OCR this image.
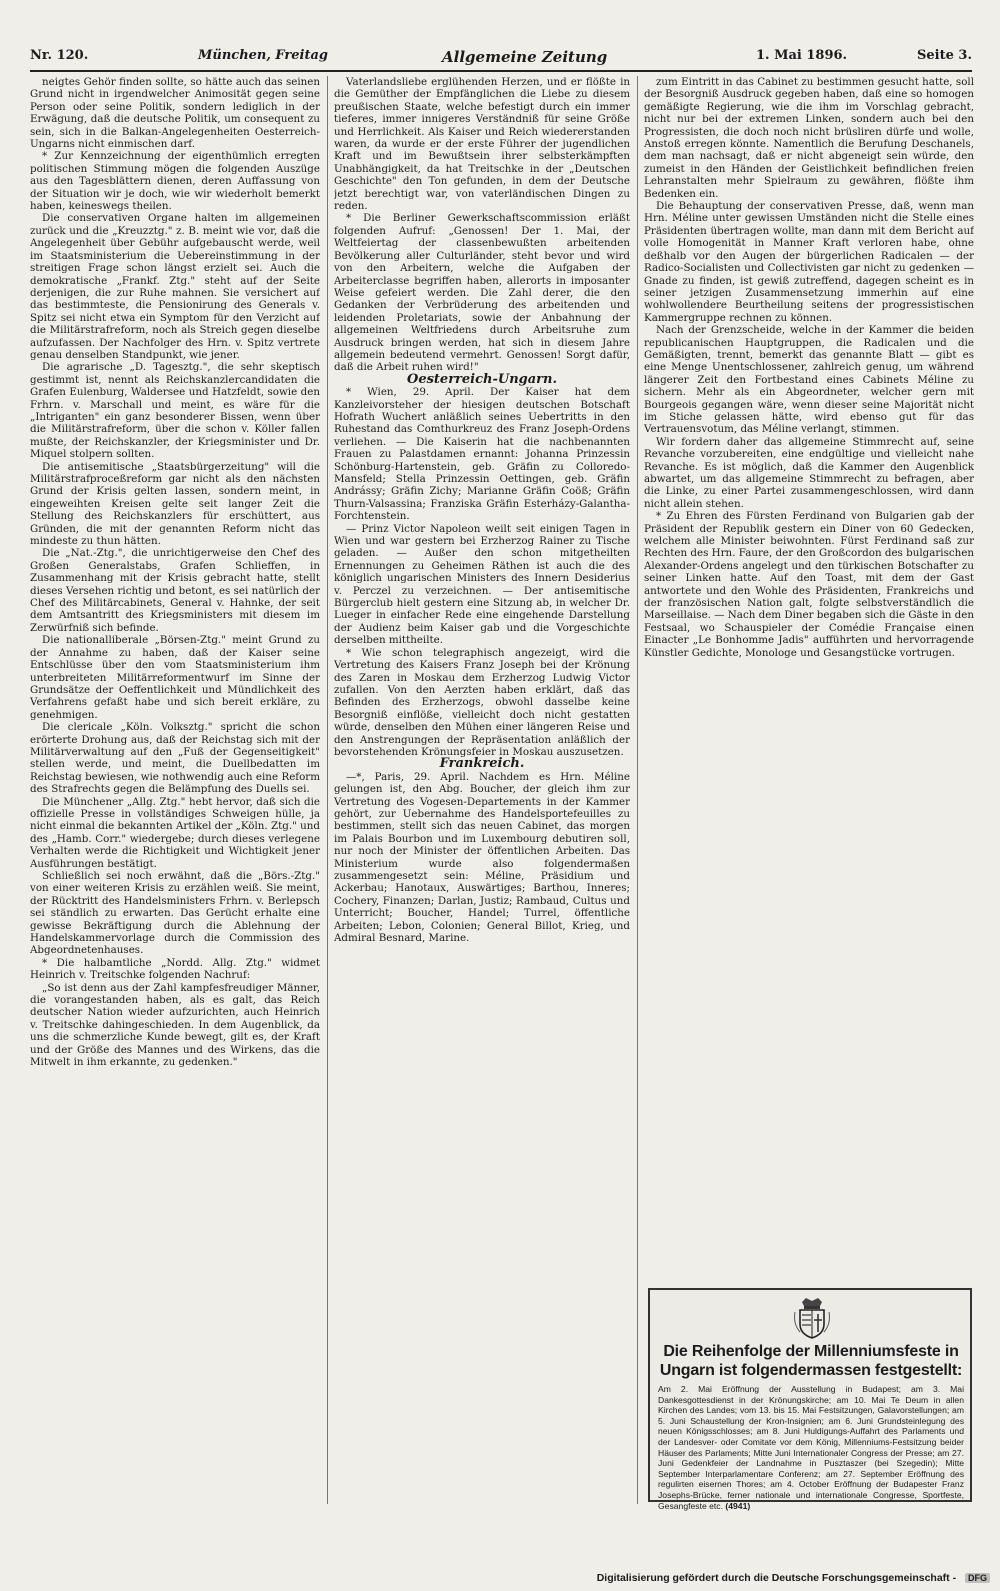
Nr. 120.	München, Freitag	Allgemeine Zeitung	1. Mai 1896.	Seite 3.

neigtes Gehör finden sollte, so hätte auch das seinen Grund nicht in irgendwelcher Animosität gegen seine Person oder seine Politik, sondern lediglich in der Erwägung, daß die deutsche Politik, um consequent zu sein, sich in die Balkan-Angelegenheiten Oesterreich-Ungarns nicht einmischen darf.

* Zur Kennzeichnung der eigenthümlich erregten politischen Stimmung mögen die folgenden Auszüge aus den Tagesblättern dienen, deren Auffassung von der Situation wir je doch, wie wir wiederholt bemerkt haben, keineswegs theilen.

Die conservativen Organe halten im allgemeinen zurück und die „Kreuzztg." z. B. meint wie vor, daß die Angelegenheit über Gebühr aufgebauscht werde, weil im Staatsministerium die Uebereinstimmung in der streitigen Frage schon längst erzielt sei. Auch die demokratische „Frankf. Ztg." steht auf der Seite derjenigen, die zur Ruhe mahnen. Sie versichert auf das bestimmteste, die Pensionirung des Generals v. Spitz sei nicht etwa ein Symptom für den Verzicht auf die Militärstrafreform, noch als Streich gegen dieselbe aufzufassen. Der Nachfolger des Hrn. v. Spitz vertrete genau denselben Standpunkt, wie jener.

Die agrarische „D. Tagesztg.", die sehr skeptisch gestimmt ist, nennt als Reichskanzlercandidaten die Grafen Eulenburg, Waldersee und Hatzfeldt, sowie den Frhrn. v. Marschall und meint, es wäre für die „Intriganten" ein ganz besonderer Bissen, wenn über die Militärstrafreform, über die schon v. Köller fallen mußte, der Reichskanzler, der Kriegsminister und Dr. Miquel stolpern sollten.

Die antisemitische „Staatsbürgerzeitung" will die Militärstrafproceßreform gar nicht als den nächsten Grund der Krisis gelten lassen, sondern meint, in eingeweihten Kreisen gelte seit langer Zeit die Stellung des Reichskanzlers für erschüttert, aus Gründen, die mit der genannten Reform nicht das mindeste zu thun hätten.

Die „Nat.-Ztg.", die unrichtigerweise den Chef des Großen Generalstabs, Grafen Schlieffen, in Zusammenhang mit der Krisis gebracht hatte, stellt dieses Versehen richtig und betont, es sei natürlich der Chef des Militärcabinets, General v. Hahnke, der seit dem Amtsantritt des Kriegsministers mit diesem im Zerwürfniß sich befinde.

Die nationalliberale „Börsen-Ztg." meint Grund zu der Annahme zu haben, daß der Kaiser seine Entschlüsse über den vom Staatsministerium ihm unterbreiteten Militärreformentwurf im Sinne der Grundsätze der Oeffentlichkeit und Mündlichkeit des Verfahrens gefaßt habe und sich bereit erkläre, zu genehmigen.

Die clericale „Köln. Volksztg." spricht die schon erörterte Drohung aus, daß der Reichstag sich mit der Militärverwaltung auf den „Fuß der Gegenseitigkeit" stellen werde, und meint, die Duellbedatten im Reichstag bewiesen, wie nothwendig auch eine Reform des Strafrechts gegen die Belämpfung des Duells sei.

Die Münchener „Allg. Ztg." hebt hervor, daß sich die offizielle Presse in vollständiges Schweigen hülle, ja nicht einmal die bekannten Artikel der „Köln. Ztg." und des „Hamb. Corr." wiedergebe; durch dieses verlegene Verhalten werde die Richtigkeit und Wichtigkeit jener Ausführungen bestätigt.

Schließlich sei noch erwähnt, daß die „Börs.-Ztg." von einer weiteren Krisis zu erzählen weiß. Sie meint, der Rücktritt des Handelsministers Frhrn. v. Berlepsch sei ständlich zu erwarten. Das Gerücht erhalte eine gewisse Bekräftigung durch die Ablehnung der Handelskammervorlage durch die Commission des Abgeordnetenhauses.

* Die halbamtliche „Nordd. Allg. Ztg." widmet Heinrich v. Treitschke folgenden Nachruf:

„So ist denn aus der Zahl kampfesfreudiger Männer, die vorangestanden haben, als es galt, das Reich deutscher Nation wieder aufzurichten, auch Heinrich v. Treitschke dahingeschieden. In dem Augenblick, da uns die schmerzliche Kunde bewegt, gilt es, der Kraft und der Größe des Mannes und des Wirkens, das die Mitwelt in ihm erkannte, zu gedenken."

Vaterlandsliebe erglühenden Herzen, und er flößte in die Gemüther der Empfänglichen die Liebe zu diesem preußischen Staate, welche befestigt durch ein immer tieferes, immer innigeres Verständniß für seine Größe und Herrlichkeit. Als Kaiser und Reich wiedererstanden waren, da wurde er der erste Führer der jugendlichen Kraft und im Bewußtsein ihrer selbsterkämpften Unabhängigkeit, da hat Treitschke in der „Deutschen Geschichte" den Ton gefunden, in dem der Deutsche jetzt berechtigt war, von vaterländischen Dingen zu reden.

* Die Berliner Gewerkschaftscommission erläßt folgenden Aufruf: „Genossen! Der 1. Mai, der Weltfeiertag der classenbewußten arbeitenden Bevölkerung aller Culturländer, steht bevor und wird von den Arbeitern, welche die Aufgaben der Arbeiterclasse begriffen haben, allerorts in imposanter Weise gefeiert werden. Die Zahl derer, die den Gedanken der Verbrüderung des arbeitenden und leidenden Proletariats, sowie der Anbahnung der allgemeinen Weltfriedens durch Arbeitsruhe zum Ausdruck bringen werden, hat sich in diesem Jahre allgemein bedeutend vermehrt. Genossen! Sorgt dafür, daß die Arbeit ruhen wird!"

Oesterreich-Ungarn.

* Wien, 29. April. Der Kaiser hat dem Kanzleivorsteher der hiesigen deutschen Botschaft Hofrath Wuchert anläßlich seines Uebertritts in den Ruhestand das Comthurkreuz des Franz Joseph-Ordens verliehen. — Die Kaiserin hat die nachbenannten Frauen zu Palastdamen ernannt: Johanna Prinzessin Schönburg-Hartenstein, geb. Gräfin zu Colloredo-Mansfeld; Stella Prinzessin Oettingen, geb. Gräfin Andrássy; Gräfin Zichy; Marianne Gräfin Coöß; Gräfin Thurn-Valsassina; Franziska Gräfin Esterházy-Galantha-Forchtenstein.

— Prinz Victor Napoleon weilt seit einigen Tagen in Wien und war gestern bei Erzherzog Rainer zu Tische geladen. — Außer den schon mitgetheilten Ernennungen zu Geheimen Räthen ist auch die des königlich ungarischen Ministers des Innern Desiderius v. Perczel zu verzeichnen. — Der antisemitische Bürgerclub hielt gestern eine Sitzung ab, in welcher Dr. Lueger in einfacher Rede eine eingehende Darstellung der Audienz beim Kaiser gab und die Vorgeschichte derselben mittheilte.

* Wie schon telegraphisch angezeigt, wird die Vertretung des Kaisers Franz Joseph bei der Krönung des Zaren in Moskau dem Erzherzog Ludwig Victor zufallen. Von den Aerzten haben erklärt, daß das Befinden des Erzherzogs, obwohl dasselbe keine Besorgniß einflöße, vielleicht doch nicht gestatten würde, denselben den Mühen einer längeren Reise und den Anstrengungen der Repräsentation anläßlich der bevorstehenden Krönungsfeier in Moskau auszusetzen.

Frankreich.

—*, Paris, 29. April. Nachdem es Hrn. Méline gelungen ist, den Abg. Boucher, der gleich ihm zur Vertretung des Vogesen-Departements in der Kammer gehört, zur Uebernahme des Handelsportefeuilles zu bestimmen, stellt sich das neuen Cabinet, das morgen im Palais Bourbon und im Luxembourg debutiren soll, nur noch der Minister der öffentlichen Arbeiten. Das Ministerium wurde also folgendermaßen zusammengesetzt sein: Méline, Präsidium und Ackerbau; Hanotaux, Auswärtiges; Barthou, Inneres; Cochery, Finanzen; Darlan, Justiz; Rambaud, Cultus und Unterricht; Boucher, Handel; Turrel, öffentliche Arbeiten; Lebon, Colonien; General Billot, Krieg, und Admiral Besnard, Marine.

zum Eintritt in das Cabinet zu bestimmen gesucht hatte, soll der Besorgniß Ausdruck gegeben haben, daß eine so homogen gemäßigte Regierung, wie die ihm im Vorschlag gebracht, nicht nur bei der extremen Linken, sondern auch bei den Progressisten, die doch noch nicht brüsliren dürfe und wolle, Anstoß erregen könnte. Namentlich die Berufung Deschanels, dem man nachsagt, daß er nicht abgeneigt sein würde, den zumeist in den Händen der Geistlichkeit befindlichen freien Lehranstalten mehr Spielraum zu gewähren, flößte ihm Bedenken ein.

Die Behauptung der conservativen Presse, daß, wenn man Hrn. Méline unter gewissen Umständen nicht die Stelle eines Präsidenten übertragen wollte, man dann mit dem Bericht auf volle Homogenität in Manner Kraft verloren habe, ohne deßhalb vor den Augen der bürgerlichen Radicalen — der Radico-Socialisten und Collectivisten gar nicht zu gedenken — Gnade zu finden, ist gewiß zutreffend, dagegen scheint es in seiner jetzigen Zusammensetzung immerhin auf eine wohlwollendere Beurtheilung seitens der progressistischen Kammergruppe rechnen zu können.

Nach der Grenzscheide, welche in der Kammer die beiden republicanischen Hauptgruppen, die Radicalen und die Gemäßigten, trennt, bemerkt das genannte Blatt — gibt es eine Menge Unentschlossener, zahlreich genug, um während längerer Zeit den Fortbestand eines Cabinets Méline zu sichern. Mehr als ein Abgeordneter, welcher gern mit Bourgeois gegangen wäre, wenn dieser seine Majorität nicht im Stiche gelassen hätte, wird ebenso gut für das Vertrauensvotum, das Méline verlangt, stimmen.

Wir fordern daher das allgemeine Stimmrecht auf, seine Revanche vorzubereiten, eine endgültige und vielleicht nahe Revanche. Es ist möglich, daß die Kammer den Augenblick abwartet, um das allgemeine Stimmrecht zu befragen, aber die Linke, zu einer Partei zusammengeschlossen, wird dann nicht allein stehen.

* Zu Ehren des Fürsten Ferdinand von Bulgarien gab der Präsident der Republik gestern ein Diner von 60 Gedecken, welchem alle Minister beiwohnten. Fürst Ferdinand saß zur Rechten des Hrn. Faure, der den Großcordon des bulgarischen Alexander-Ordens angelegt und den türkischen Botschafter zu seiner Linken hatte. Auf den Toast, mit dem der Gast antwortete und den Wohle des Präsidenten, Frankreichs und der französischen Nation galt, folgte selbstverständlich die Marseillaise. — Nach dem Diner begaben sich die Gäste in den Festsaal, wo Schauspieler der Comédie Française einen Einacter „Le Bonhomme Jadis" aufführten und hervorragende Künstler Gedichte, Monologe und Gesangstücke vortrugen.

Die Reihenfolge der Millenniumsfeste in Ungarn ist folgendermassen festgestellt:
Am 2. Mai Eröffnung der Ausstellung in Budapest; am 3. Mai Dankesgottesdienst in der Krönungskirche; am 10. Mai Te Deum in allen Kirchen des Landes; vom 13. bis 15. Mai Festsitzungen, Galavorstellungen; am 5. Juni Schaustellung der Kron-Insignien; am 6. Juni Grundsteinlegung des neuen Königsschlosses; am 8. Juni Huldigungs-Auffahrt des Parlaments und der Landesver- oder Comitate vor dem König, Millenniums-Festsitzung beider Häuser des Parlaments; Mitte Juni Internationaler Congress der Presse; am 27. Juni Gedenkfeier der Landnahme in Pusztaszer (bei Szegedin); Mitte September Interparlamentare Conferenz; am 27. September Eröffnung des regulirten eisernen Thores; am 4. October Eröffnung der Budapester Franz Josephs-Brücke, ferner nationale und internationale Congresse, Sportfeste, Gesangfeste etc. (4941)
Digitalisierung gefördert durch die Deutsche Forschungsgemeinschaft - DFG
